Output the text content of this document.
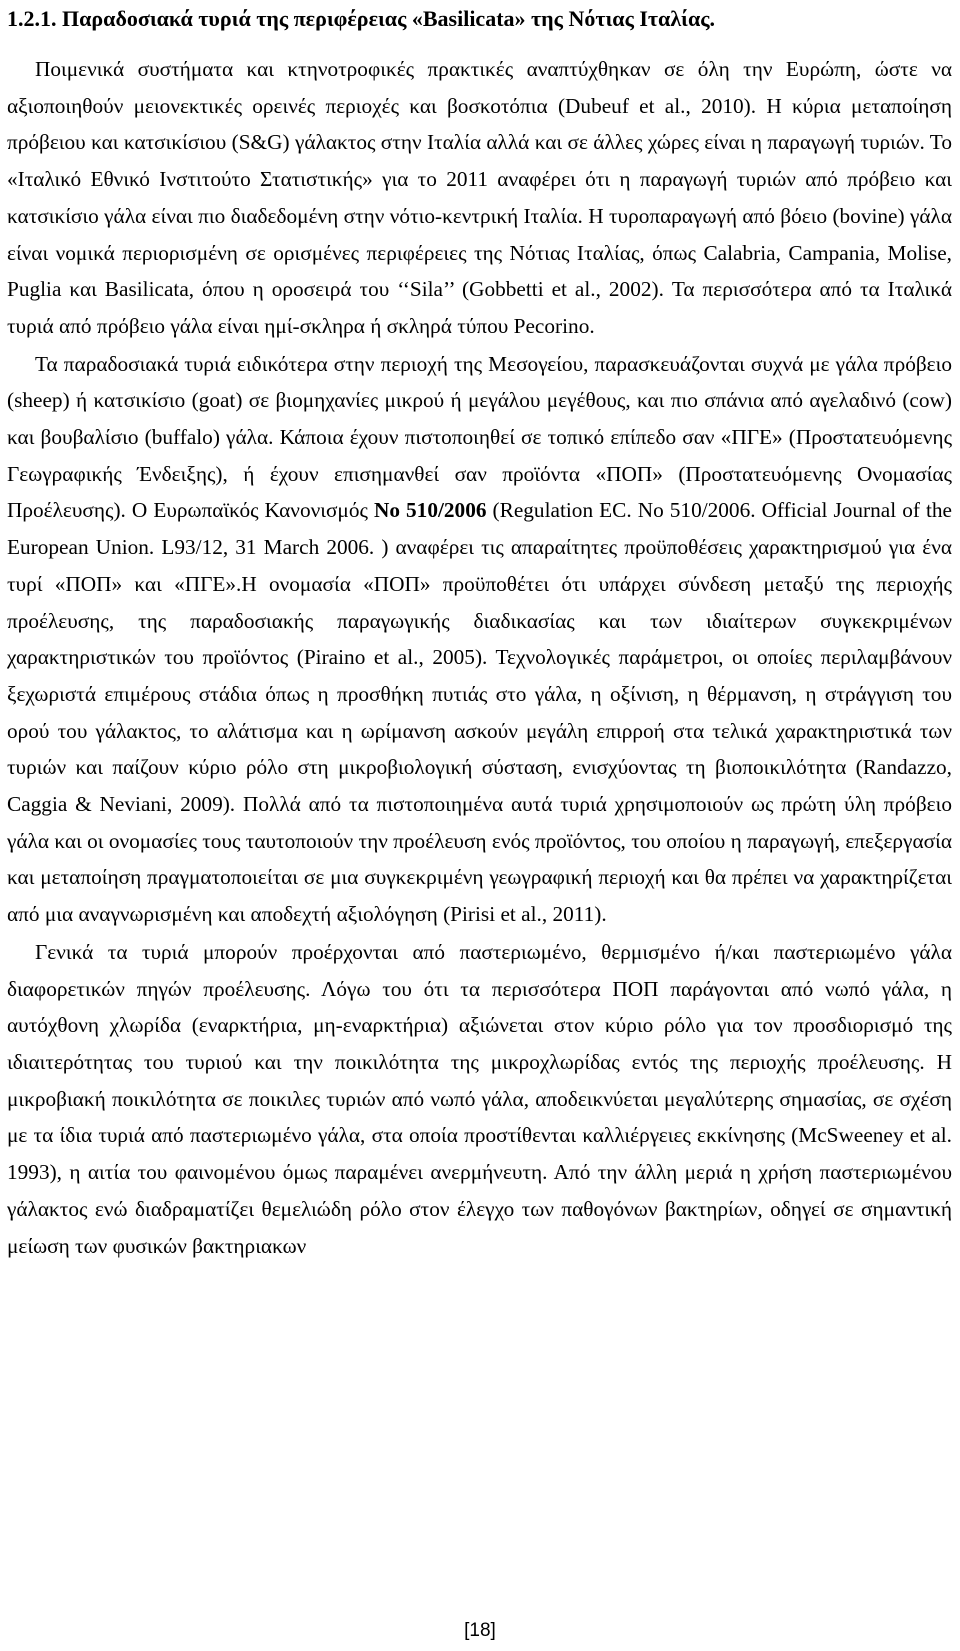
1.2.1. Παραδοσιακά τυριά της περιφέρειας «Basilicata» της Νότιας Ιταλίας.

Ποιμενικά συστήματα και κτηνοτροφικές πρακτικές αναπτύχθηκαν σε όλη την Ευρώπη, ώστε να αξιοποιηθούν μειονεκτικές ορεινές περιοχές και βοσκοτόπια (Dubeuf et al., 2010). Η κύρια μεταποίηση πρόβειου και κατσικίσιου (S&G) γάλακτος στην Ιταλία αλλά και σε άλλες χώρες είναι η παραγωγή τυριών. Το «Ιταλικό Εθνικό Ινστιτούτο Στατιστικής» για το 2011 αναφέρει ότι η παραγωγή τυριών από πρόβειο και κατσικίσιο γάλα είναι πιο διαδεδομένη στην νότιο-κεντρική Ιταλία. Η τυροπαραγωγή από βόειο (bovine) γάλα είναι νομικά περιορισμένη σε ορισμένες περιφέρειες της Νότιας Ιταλίας, όπως Calabria, Campania, Molise, Puglia και Basilicata, όπου η οροσειρά του ‘‘Sila’’ (Gobbetti et al., 2002). Τα περισσότερα από τα Ιταλικά τυριά από πρόβειο γάλα είναι ημί-σκληρα ή σκληρά τύπου Pecorino.

Τα παραδοσιακά τυριά ειδικότερα στην περιοχή της Μεσογείου, παρασκευάζονται συχνά με γάλα πρόβειο (sheep) ή κατσικίσιο (goat) σε βιομηχανίες μικρού ή μεγάλου μεγέθους, και πιο σπάνια από αγελαδινό (cow) και βουβαλίσιο (buffalo) γάλα. Κάποια έχουν πιστοποιηθεί σε τοπικό επίπεδο σαν «ΠΓΕ» (Προστατευόμενης Γεωγραφικής Ένδειξης), ή έχουν επισημανθεί σαν προϊόντα «ΠΟΠ» (Προστατευόμενης Ονομασίας Προέλευσης). Ο Ευρωπαϊκός Κανονισμός No 510/2006 (Regulation EC. No 510/2006. Official Journal of the European Union. L93/12, 31 March 2006. ) αναφέρει τις απαραίτητες προϋποθέσεις χαρακτηρισμού για ένα τυρί «ΠΟΠ» και «ΠΓΕ».Η ονομασία «ΠΟΠ» προϋποθέτει ότι υπάρχει σύνδεση μεταξύ της περιοχής προέλευσης, της παραδοσιακής παραγωγικής διαδικασίας και των ιδιαίτερων συγκεκριμένων χαρακτηριστικών του προϊόντος (Piraino et al., 2005). Τεχνολογικές παράμετροι, οι οποίες περιλαμβάνουν ξεχωριστά επιμέρους στάδια όπως η προσθήκη πυτιάς στο γάλα, η οξίνιση, η θέρμανση, η στράγγιση του ορού του γάλακτος, το αλάτισμα και η ωρίμανση ασκούν μεγάλη επιρροή στα τελικά χαρακτηριστικά των τυριών και παίζουν κύριο ρόλο στη μικροβιολογική σύσταση, ενισχύοντας τη βιοποικιλότητα (Randazzo, Caggia & Neviani, 2009). Πολλά από τα πιστοποιημένα αυτά τυριά χρησιμοποιούν ως πρώτη ύλη πρόβειο γάλα και οι ονομασίες τους ταυτοποιούν την προέλευση ενός προϊόντος, του οποίου η παραγωγή, επεξεργασία και μεταποίηση πραγματοποιείται σε μια συγκεκριμένη γεωγραφική περιοχή και θα πρέπει να χαρακτηρίζεται από μια αναγνωρισμένη και αποδεχτή αξιολόγηση (Pirisi et al., 2011).

Γενικά τα τυριά μπορούν προέρχονται από παστεριωμένο, θερμισμένο ή/και παστεριωμένο γάλα διαφορετικών πηγών προέλευσης. Λόγω του ότι τα περισσότερα ΠΟΠ παράγονται από νωπό γάλα, η αυτόχθονη χλωρίδα (εναρκτήρια, μη-εναρκτήρια) αξιώνεται στον κύριο ρόλο για τον προσδιορισμό της ιδιαιτερότητας του τυριού και την ποικιλότητα της μικροχλωρίδας εντός της περιοχής προέλευσης. Η μικροβιακή ποικιλότητα σε ποικιλες τυριών από νωπό γάλα, αποδεικνύεται μεγαλύτερης σημασίας, σε σχέση με τα ίδια τυριά από παστεριωμένο γάλα, στα οποία προστίθενται καλλιέργειες εκκίνησης (McSweeney et al. 1993), η αιτία του φαινομένου όμως παραμένει ανερμήνευτη. Από την άλλη μεριά η χρήση παστεριωμένου γάλακτος ενώ διαδραματίζει θεμελιώδη ρόλο στον έλεγχο των παθογόνων βακτηρίων, οδηγεί σε σημαντική μείωση των φυσικών βακτηριακων

[18]
